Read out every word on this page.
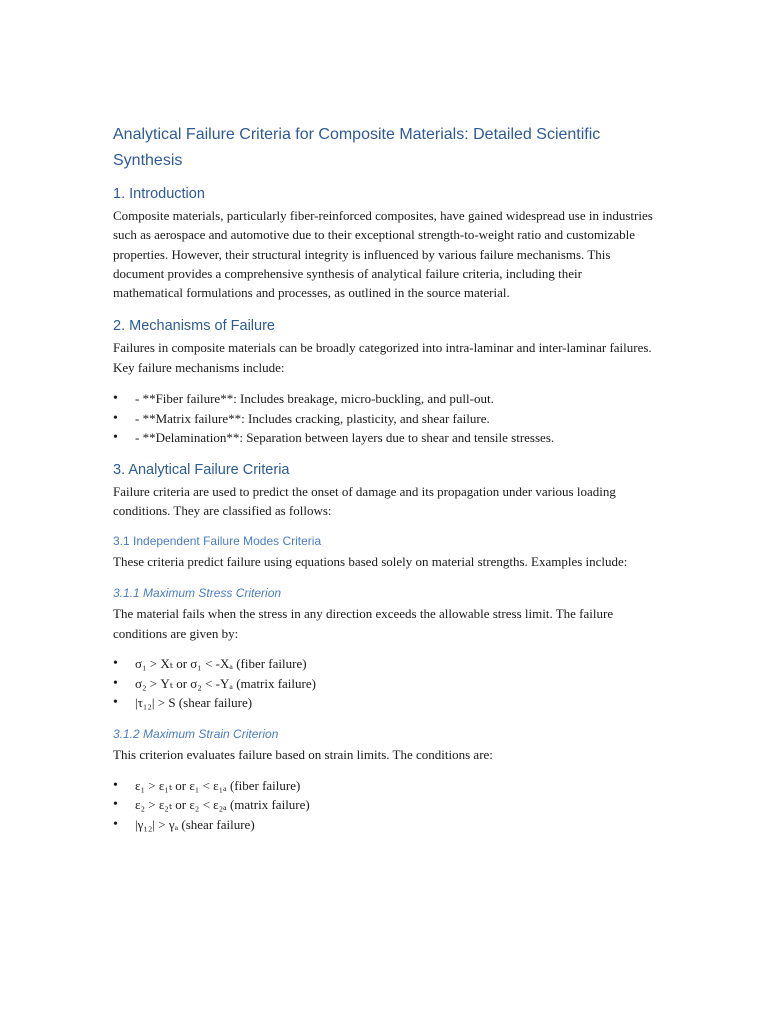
Analytical Failure Criteria for Composite Materials: Detailed Scientific Synthesis
1. Introduction

Composite materials, particularly fiber-reinforced composites, have gained widespread use in industries such as aerospace and automotive due to their exceptional strength-to-weight ratio and customizable properties. However, their structural integrity is influenced by various failure mechanisms. This document provides a comprehensive synthesis of analytical failure criteria, including their mathematical formulations and processes, as outlined in the source material.

2. Mechanisms of Failure

Failures in composite materials can be broadly categorized into intra-laminar and inter-laminar failures. Key failure mechanisms include:

• - **Fiber failure**: Includes breakage, micro-buckling, and pull-out.
• - **Matrix failure**: Includes cracking, plasticity, and shear failure.
• - **Delamination**: Separation between layers due to shear and tensile stresses.
3. Analytical Failure Criteria

Failure criteria are used to predict the onset of damage and its propagation under various loading conditions. They are classified as follows:

3.1 Independent Failure Modes Criteria

These criteria predict failure using equations based solely on material strengths. Examples include:

3.1.1 Maximum Stress Criterion

The material fails when the stress in any direction exceeds the allowable stress limit. The failure conditions are given by:

• σ₁ > Xₜ or σ₁ < -Xₐ (fiber failure)
• σ₂ > Yₜ or σ₂ < -Yₐ (matrix failure)
• |τ₁₂| > S (shear failure)
3.1.2 Maximum Strain Criterion

This criterion evaluates failure based on strain limits. The conditions are:

• ε₁ > ε₁ₜ or ε₁ < ε₁ₐ (fiber failure)
• ε₂ > ε₂ₜ or ε₂ < ε₂ₐ (matrix failure)
• |γ₁₂| > γₐ (shear failure)
